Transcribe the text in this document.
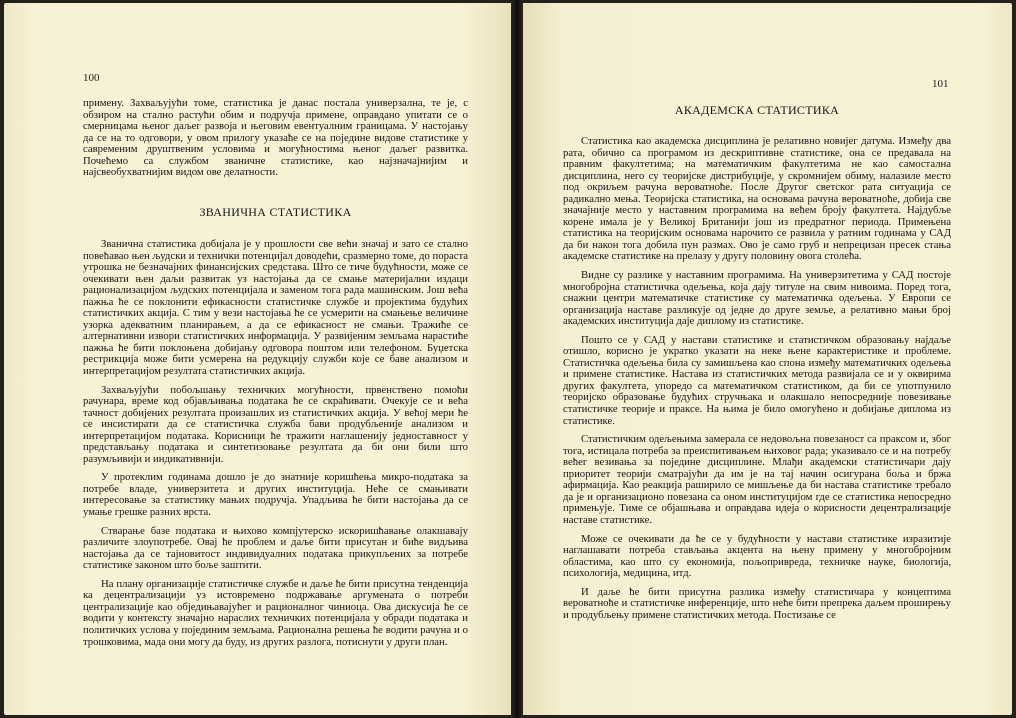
100

примену. Захваљујући томе, статистика је данас постала универзална, те је, с обзиром на стално растући обим и подручја примене, оправдано упитати се о смерницама њеног даљег развоја и његовим евентуалним границама. У настојању да се на то одговори, у овом прилогу указаће се на поједине видове статистике у савременим друштвеним условима и могућностима њеног даљег развитка. Почећемо са службом званичне статистике, као најзначајнијим и најсвеобухватнијим видом ове делатности.

ЗВАНИЧНА СТАТИСТИКА

Званична статистика добијала је у прошлости све већи значај и зато се стално повећавао њен људски и технички потенцијал доводећи, сразмерно томе, до пораста утрошка не безначајних финансијских средстава. Што се тиче будућности, може се очекивати њен даљи развитак уз настојања да се смање материјални издаци рационализацијом људских потенцијала и заменом тога рада машинским. Још већа пажња ће се поклонити ефикасности статистичке службе и пројектима будућих статистичких акција. С тим у вези настојања ће се усмерити на смањење величине узорка адекватним планирањем, а да се ефикасност не смањи. Тражиће се алтернативни извори статистичких информација. У развијеним земљама нарастиће пажња ће бити поклоњена добијању одговора поштом или телефоном. Буџетска рестрикција може бити усмерена на редукцију служби које се баве анализом и интерпретацијом резултата статистичких акција.

Захваљујући побољшању техничких могућности, првенствено помоћи рачунара, време код објављивања података ће се скраћивати. Очекује се и већа тачност добијених резултата произашлих из статистичких акција. У већој мери ће се инсистирати да се статистичка служба бави продубљеније анализом и интерпретацијом података. Корисници ће тражити наглашенију једноставност у представљању података и синтетизовање резултата да би они били што разумљивији и индикативнији.

У протеклим годинама дошло је до знатније коришћења микро-података за потребе владе, универзитета и других институција. Неће се смањивати интересовање за статистику мањих подручја. Упадљива ће бити настојања да се умање грешке разних врста.

Стварање базе података и њихово компјутерско искоришћавање олакшавају различите злоупотребе. Овај ће проблем и даље бити присутан и биће видљива настојања да се тајновитост индивидуалних података прикупљених за потребе статистике законом што боље заштити.

На плану организације статистичке службе и даље ће бити присутна тенденција ка децентрализацији уз истовремено подржавање аргумената о потреби централизације као обједињавајућег и рационалног чиниоца. Ова дискусија ће се водити у контексту значајно нараслих техничких потенцијала у обради података и политичких услова у појединим земљама. Рационална решења ће водити рачуна и о трошковима, мада они могу да буду, из других разлога, потиснути у други план.

101
АКАДЕМСКА СТАТИСТИКА

Статистика као академска дисциплина је релативно новијег датума. Између два рата, обично са програмом из дескриптивне статистике, она се предавала на правним факултетима; на математичким факултетима не као самостална дисциплина, него су теоријске дистрибуције, у скромнијем обиму, налазиле место под окриљем рачуна вероватноће. После Другог светског рата ситуација се радикално мења. Теоријска статистика, на основама рачуна вероватноће, добија све значајније место у наставним програмима на већем броју факултета. Најдубље корене имала је у Великој Британији још из предратног периода. Примењена статистика на теоријским основама нарочито се развила у ратним годинама у САД да би након тога добила пун размах. Ово је само груб и непрецизан пресек стања академске статистике на прелазу у другу половину овога столећа.

Видне су разлике у наставним програмима. На универзитетима у САД постоје многобројна статистичка одељења, која дају титуле на свим нивоима. Поред тога, снажни центри математичке статистике су математичка одељења. У Европи се организација наставе разликује од једне до друге земље, а релативно мањи број академских институција даје дипломy из статистике.

Пошто се у САД у настави статистике и статистичком образовању најдаље отишло, корисно је укратко указати на неке њене карактеристике и проблеме. Статистичка одељења била су замишљена као спона између математичких одељења и примене статистике. Настава из статистичких метода развијала се и у оквирима других факултета, упоредо са математичком статистиком, да би се употпунило теоријско образовање будућих стручњака и олакшало непосредније повезивање статистичке теорије и праксе. На њима је било омогућено и добијање диплома из статистике.

Статистичким одељењима замерала се недовољна повезаност са праксом и, због тога, истицала потреба за преиспитивањем њиховог рада; указивало се и на потребу већег везивања за поједине дисциплине. Млађи академски статистичари дају приоритет теорији сматрајући да им је на тај начин осигурана боља и бржа афирмација. Као реакција раширило се мишљење да би настава статистике требало да је и организационо повезана са оном институцијом где се статистика непосредно примењује. Тиме се објашњава и оправдава идеја о корисности децентрализације наставе статистике.

Може се очекивати да ће се у будућности у настави статистике изразитије наглашавати потреба стављања акцента на њену примену у многобројним областима, као што су економија, пољопривреда, техничке науке, биологија, психологија, медицина, итд.

И даље ће бити присутна разлика између статистичара у концептима вероватноће и статистичке инференције, што неће бити препрека даљем проширењу и продубљењу примене статистичких метода. Постизање се
